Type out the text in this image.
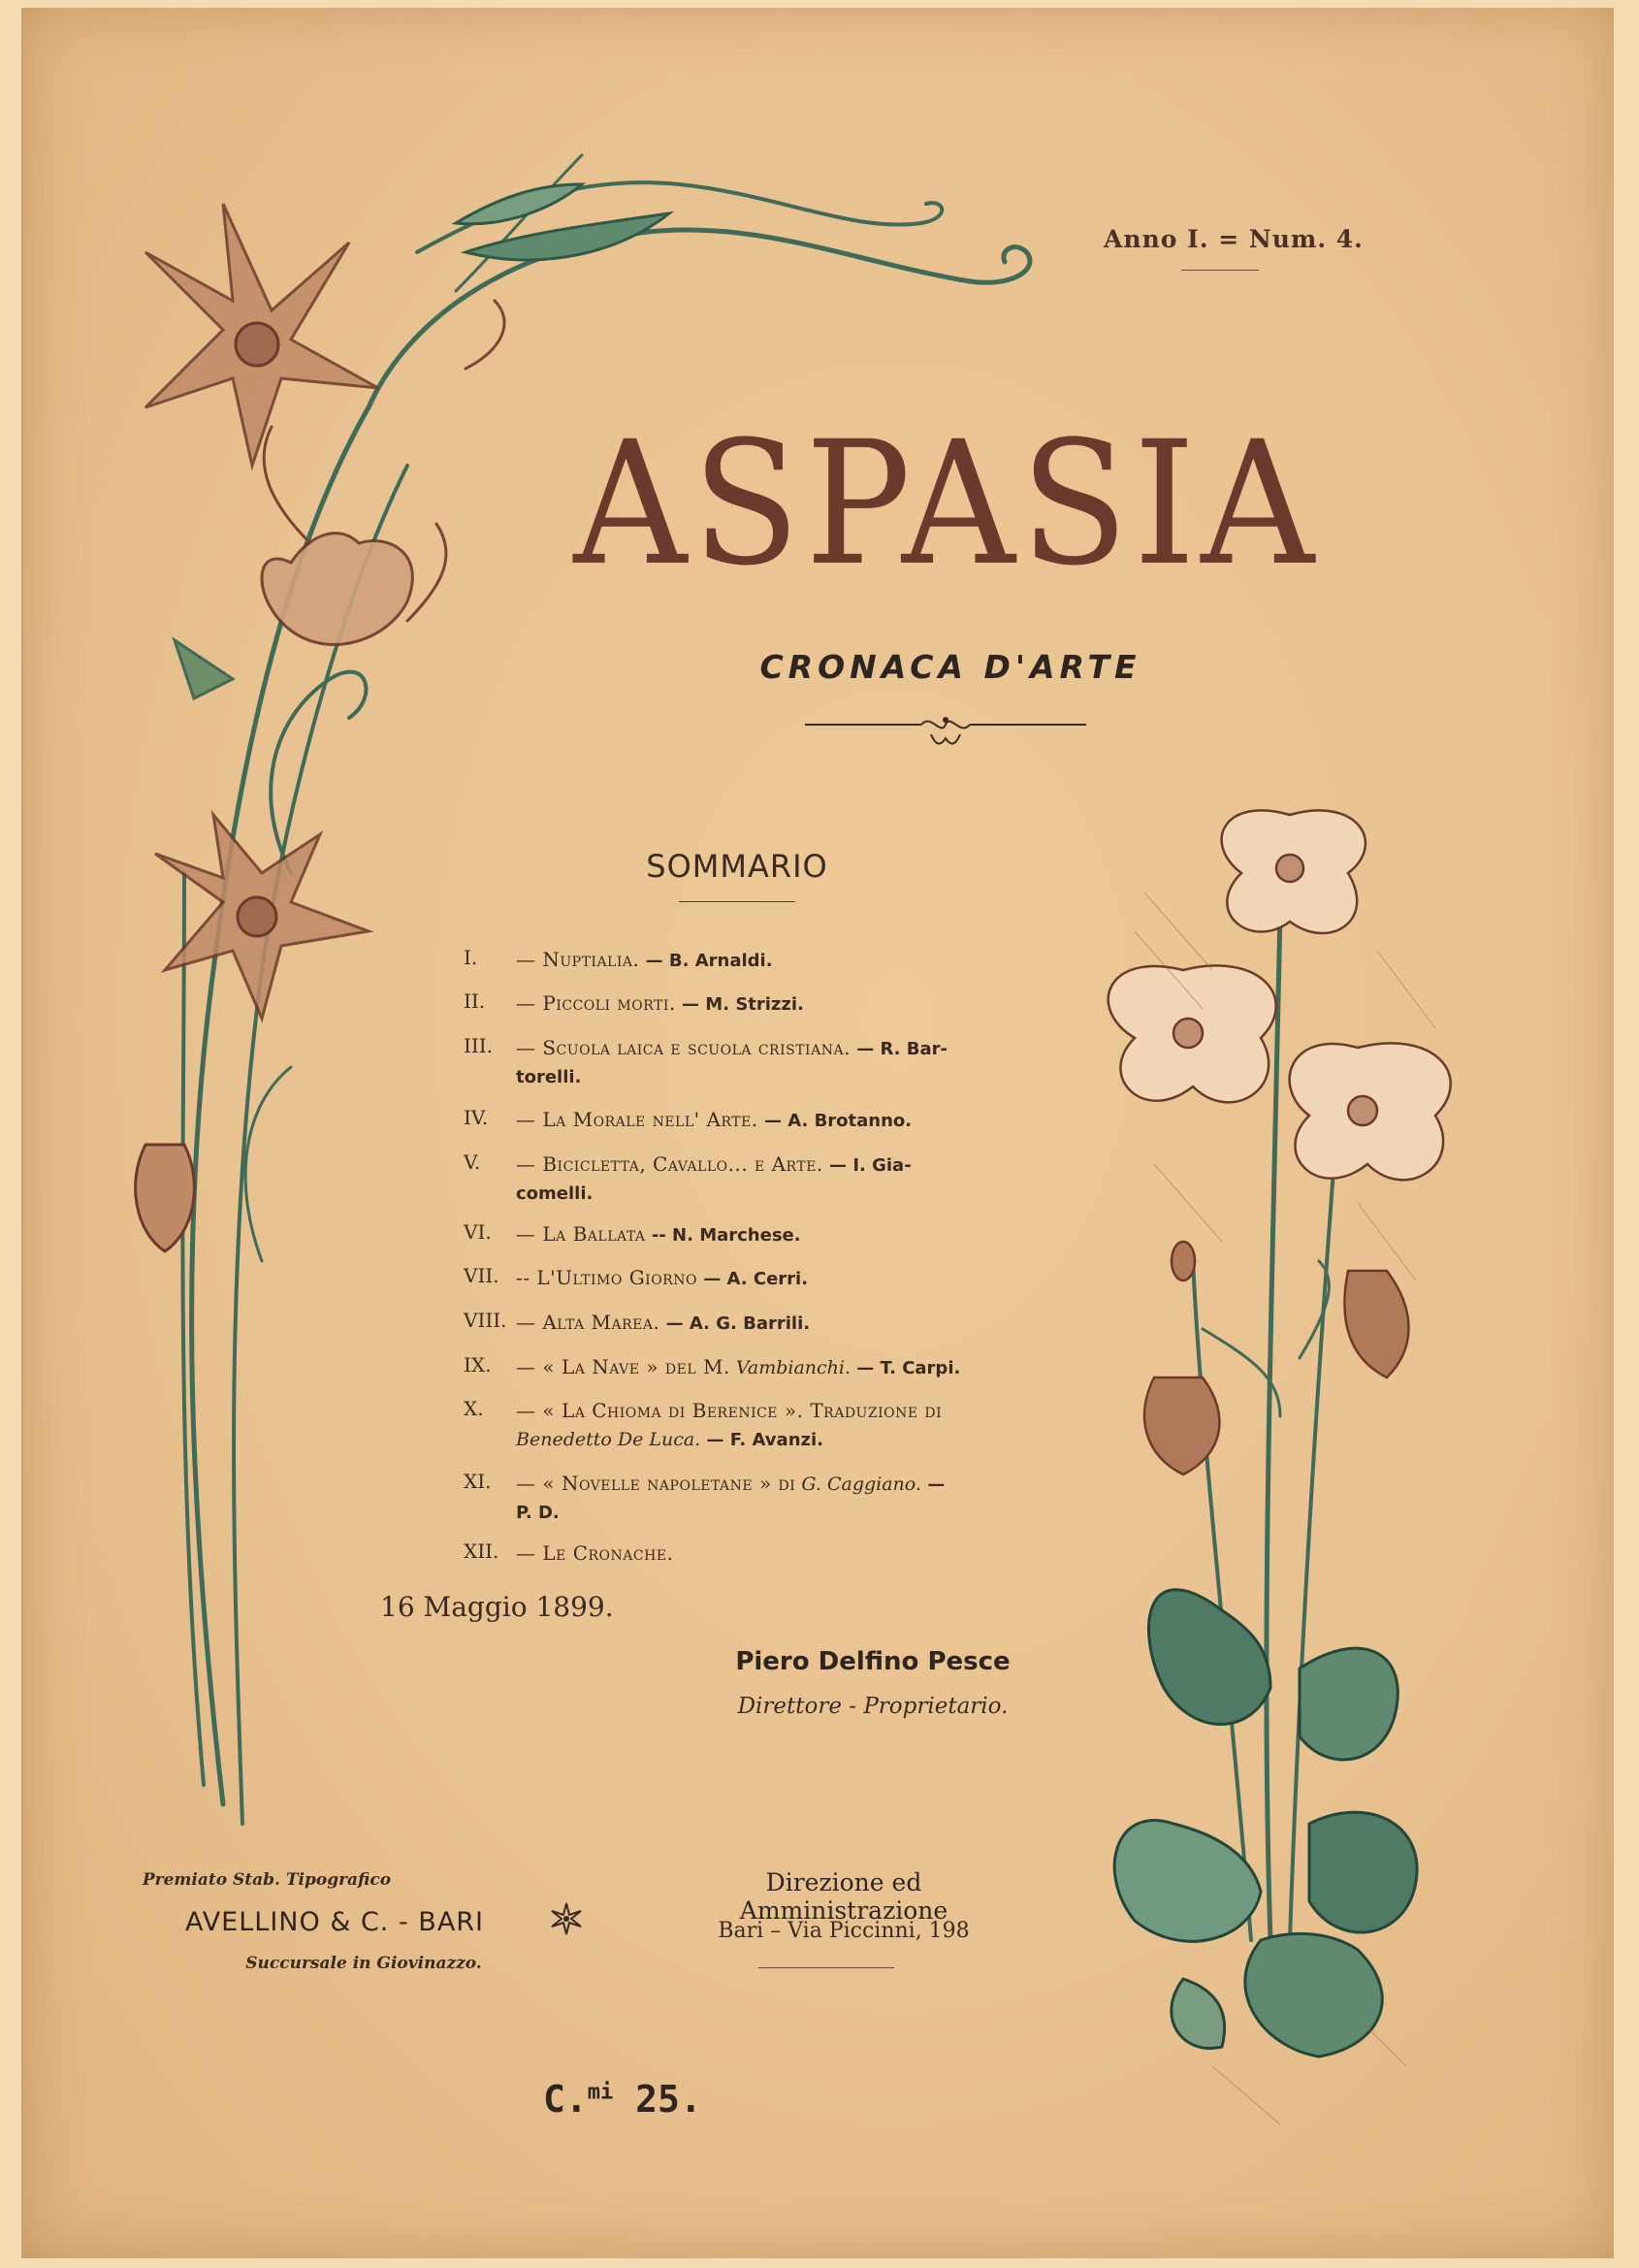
Anno I. = Num. 4.
ASPASIA
CRONACA D'ARTE
SOMMARIO
I.	— Nuptialia. — B. Arnaldi.
II.	— Piccoli morti. — M. Strizzi.
III.	— Scuola laica e scuola cristiana. — R. Bar-
torelli.
IV.	— La Morale nell' Arte. — A. Brotanno.
V.	— Bicicletta, Cavallo... e Arte. — I. Gia-
comelli.
VI.	— La Ballata -- N. Marchese.
VII. -- L'Ultimo Giorno — A. Cerri.
VIII. — Alta Marea. — A. G. Barrili.
IX.	— « La Nave » del M. Vambianchi. — T. Carpi.
X.	— « La Chioma di Berenice ». Traduzione di
Benedetto De Luca. — F. Avanzi.
XI.	— « Novelle napoletane » di G. Caggiano. —
P. D.
XII. — Le Cronache.
16 Maggio 1899.
Piero Delfino Pesce
Direttore - Proprietario.
Premiato Stab. Tipografico
AVELLINO & C. - BARI
Succursale in Giovinazzo.
Direzione ed Amministrazione
Bari – Via Piccinni, 198
C.$^{mi}$ 25.
